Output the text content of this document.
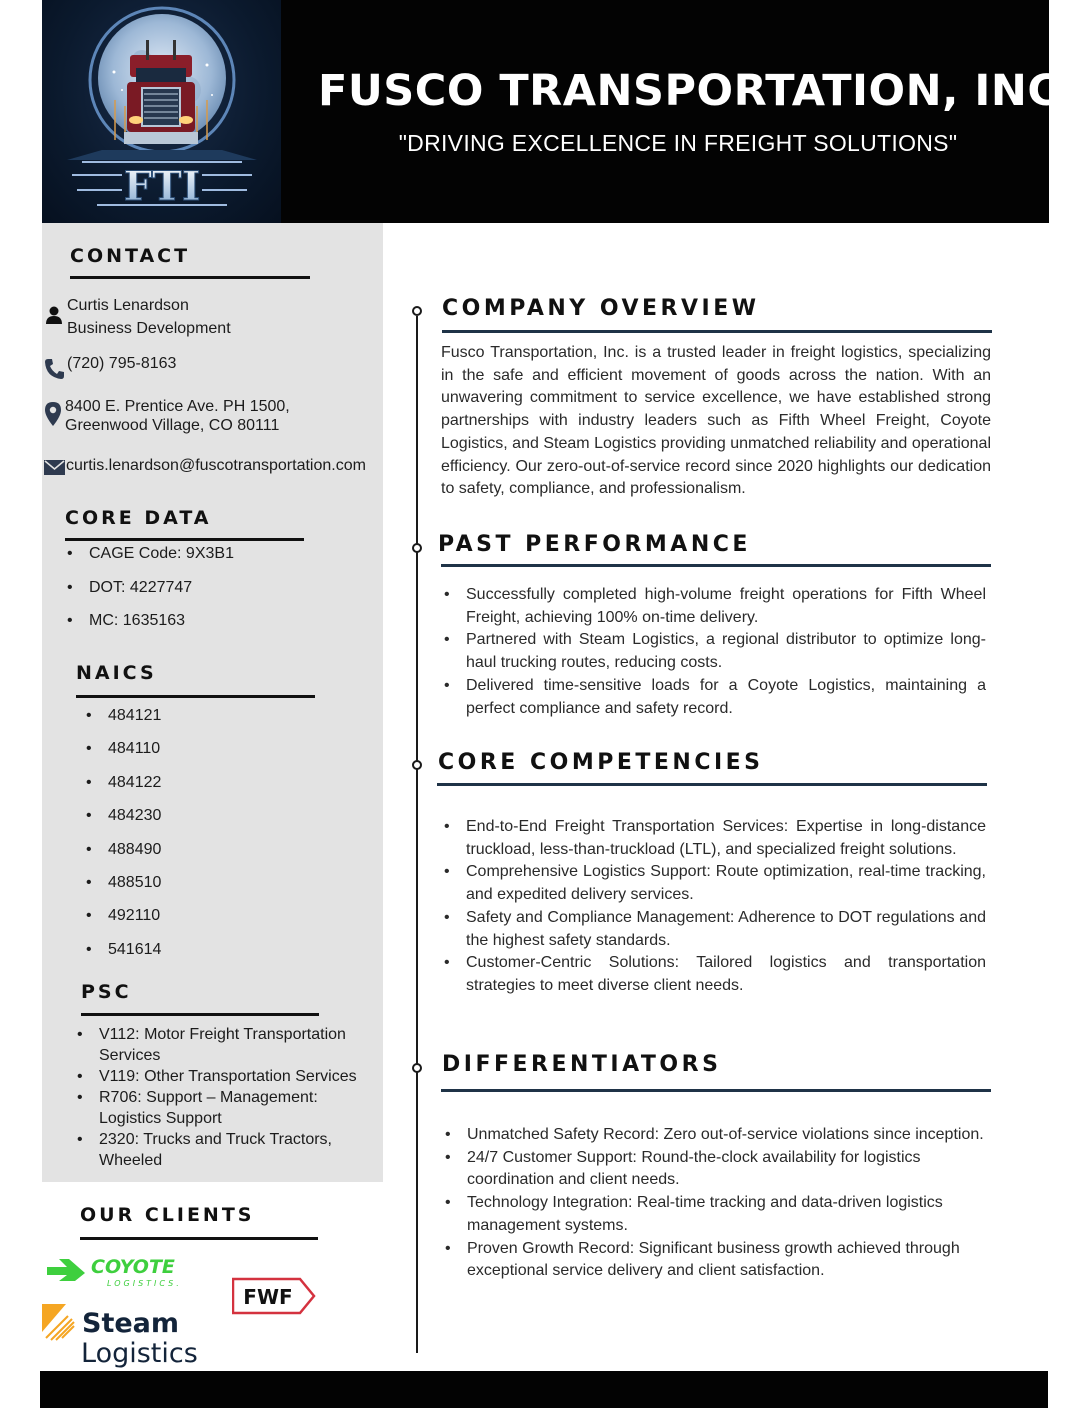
FTI
FUSCO TRANSPORTATION, INC
"DRIVING EXCELLENCE IN FREIGHT SOLUTIONS"
CONTACT
Curtis Lenardson
Business Development
(720) 795-8163
8400 E. Prentice Ave. PH 1500,
Greenwood Village, CO 80111
curtis.lenardson@fuscotransportation.com
CORE DATA
• CAGE Code: 9X3B1
• DOT: 4227747
• MC: 1635163
NAICS
• 484121
• 484110
• 484122
• 484230
• 488490
• 488510
• 492110
• 541614
PSC
• V112: Motor Freight Transportation Services
• V119: Other Transportation Services
• R706: Support – Management: Logistics Support
• 2320: Trucks and Truck Tractors, Wheeled
OUR CLIENTS
COYOTE
LOGISTICS.
Steam
Logistics
FWF
COMPANY OVERVIEW
Fusco Transportation, Inc. is a trusted leader in freight logistics, specializing in the safe and efficient movement of goods across the nation. With an unwavering commitment to service excellence, we have established strong partnerships with industry leaders such as Fifth Wheel Freight, Coyote Logistics, and Steam Logistics providing unmatched reliability and operational efficiency. Our zero-out-of-service record since 2020 highlights our dedication to safety, compliance, and professionalism.
PAST PERFORMANCE
• Successfully completed high-volume freight operations for Fifth Wheel Freight, achieving 100% on-time delivery.
• Partnered with Steam Logistics, a regional distributor to optimize long-haul trucking routes, reducing costs.
• Delivered time-sensitive loads for a Coyote Logistics, maintaining a perfect compliance and safety record.
CORE COMPETENCIES
• End-to-End Freight Transportation Services: Expertise in long-distance truckload, less-than-truckload (LTL), and specialized freight solutions.
• Comprehensive Logistics Support: Route optimization, real-time tracking, and expedited delivery services.
• Safety and Compliance Management: Adherence to DOT regulations and the highest safety standards.
• Customer-Centric Solutions: Tailored logistics and transportation strategies to meet diverse client needs.
DIFFERENTIATORS
• Unmatched Safety Record: Zero out-of-service violations since inception.
• 24/7 Customer Support: Round-the-clock availability for logistics coordination and client needs.
• Technology Integration: Real-time tracking and data-driven logistics management systems.
• Proven Growth Record: Significant business growth achieved through exceptional service delivery and client satisfaction.
